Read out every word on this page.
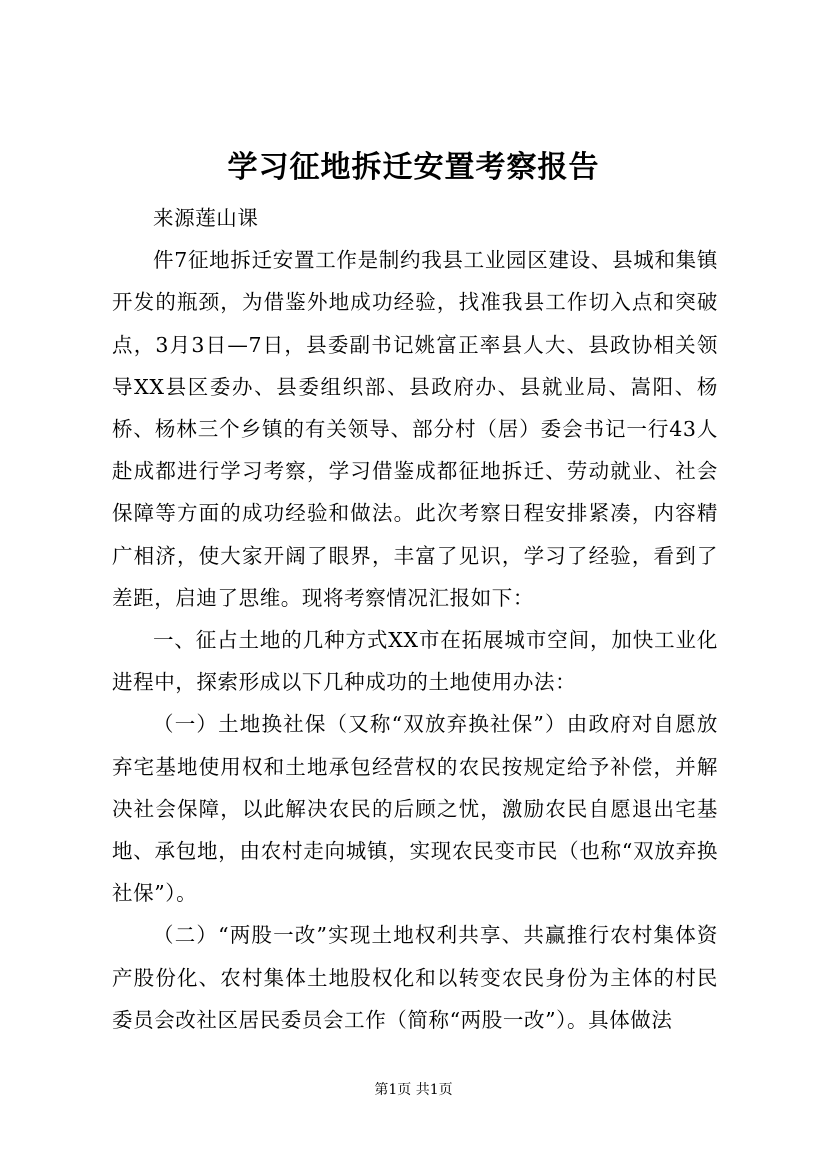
学习征地拆迁安置考察报告

来源莲山课

件7征地拆迁安置工作是制约我县工业园区建设、县城和集镇开发的瓶颈，为借鉴外地成功经验，找准我县工作切入点和突破点，3月3日—7日，县委副书记姚富正率县人大、县政协相关领导XX县区委办、县委组织部、县政府办、县就业局、嵩阳、杨桥、杨林三个乡镇的有关领导、部分村（居）委会书记一行43人赴成都进行学习考察，学习借鉴成都征地拆迁、劳动就业、社会保障等方面的成功经验和做法。此次考察日程安排紧凑，内容精广相济，使大家开阔了眼界，丰富了见识，学习了经验，看到了差距，启迪了思维。现将考察情况汇报如下：

一、征占土地的几种方式XX市在拓展城市空间，加快工业化进程中，探索形成以下几种成功的土地使用办法：

（一）土地换社保（又称“双放弃换社保”）由政府对自愿放弃宅基地使用权和土地承包经营权的农民按规定给予补偿，并解决社会保障，以此解决农民的后顾之忧，激励农民自愿退出宅基地、承包地，由农村走向城镇，实现农民变市民（也称“双放弃换社保”）。

（二）“两股一改”实现土地权利共享、共赢推行农村集体资产股份化、农村集体土地股权化和以转变农民身份为主体的村民委员会改社区居民委员会工作（简称“两股一改”）。具体做法

第1页 共1页
